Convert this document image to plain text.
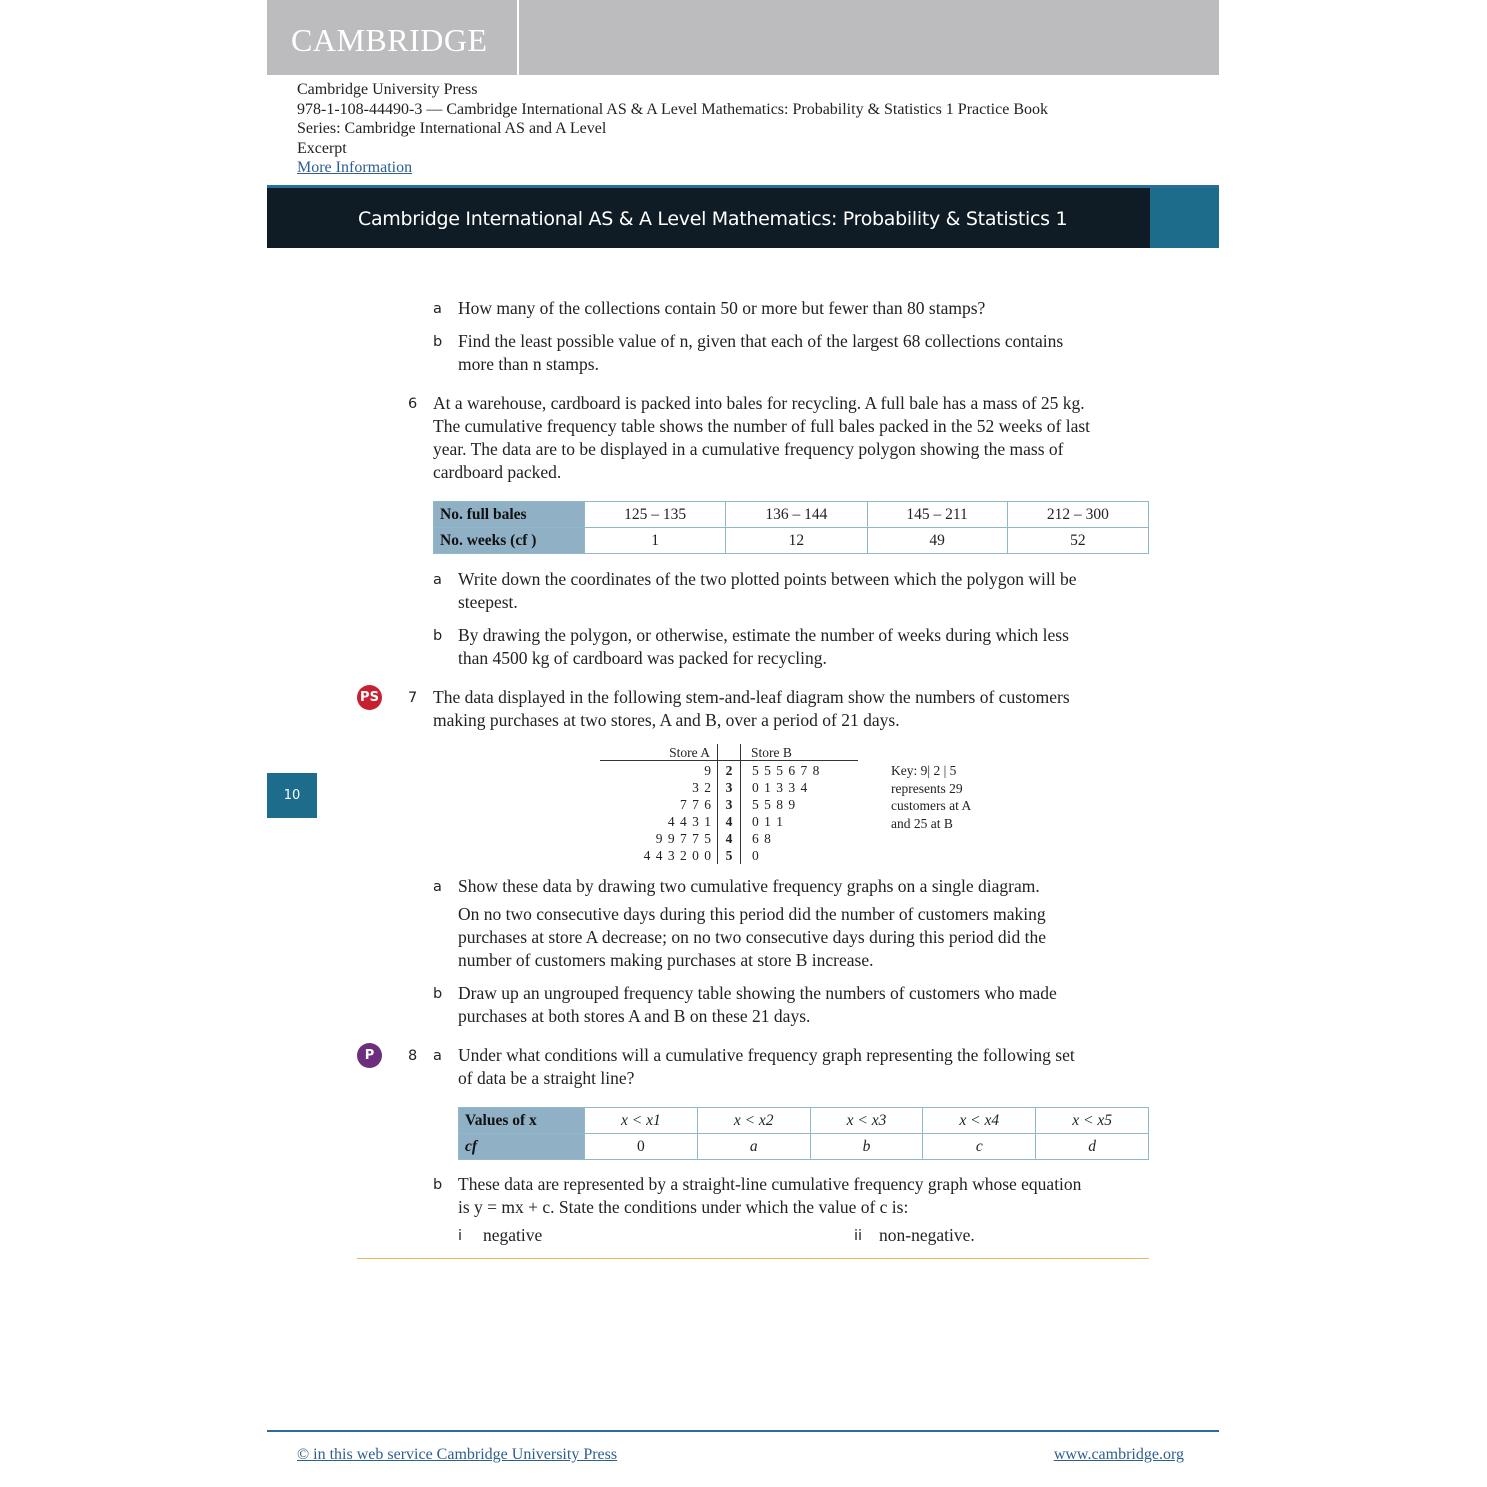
CAMBRIDGE
Cambridge University Press
978-1-108-44490-3 — Cambridge International AS & A Level Mathematics: Probability & Statistics 1 Practice Book
Series: Cambridge International AS and A Level
Excerpt
More Information
Cambridge International AS & A Level Mathematics: Probability & Statistics 1
10
a How many of the collections contain 50 or more but fewer than 80 stamps?
b Find the least possible value of n, given that each of the largest 68 collections contains
more than n stamps.
6 At a warehouse, cardboard is packed into bales for recycling. A full bale has a mass of 25 kg.
The cumulative frequency table shows the number of full bales packed in the 52 weeks of last
year. The data are to be displayed in a cumulative frequency polygon showing the mass of
cardboard packed.
No. full bales	125 – 135	136 – 144	145 – 211	212 – 300
No. weeks (cf )	1	12	49	52
a Write down the coordinates of the two plotted points between which the polygon will be
steepest.
b By drawing the polygon, or otherwise, estimate the number of weeks during which less
than 4500 kg of cardboard was packed for recycling.
PS 7 The data displayed in the following stem-and-leaf diagram show the numbers of customers
making purchases at two stores, A and B, over a period of 21 days.
Store A	Store B
9	2	5 5 5 6 7 8
3 2	3	0 1 3 3 4
7 7 6	3	5 5 8 9
4 4 3 1	4	0 1 1
9 9 7 7 5	4	6 8
4 4 3 2 0 0	5	0
Key: 9| 2 | 5
represents 29
customers at A
and 25 at B
a Show these data by drawing two cumulative frequency graphs on a single diagram.
On no two consecutive days during this period did the number of customers making
purchases at store A decrease; on no two consecutive days during this period did the
number of customers making purchases at store B increase.
b Draw up an ungrouped frequency table showing the numbers of customers who made
purchases at both stores A and B on these 21 days.
P	8 a Under what conditions will a cumulative frequency graph representing the following set
of data be a straight line?
Values of x	x < x1	x < x2	x < x3	x < x4	x < x5
cf	0	a	b	c	d
b These data are represented by a straight-line cumulative frequency graph whose equation
is y = mx + c. State the conditions under which the value of c is:
i negative	ii non-negative.
© in this web service Cambridge University Press	www.cambridge.org
